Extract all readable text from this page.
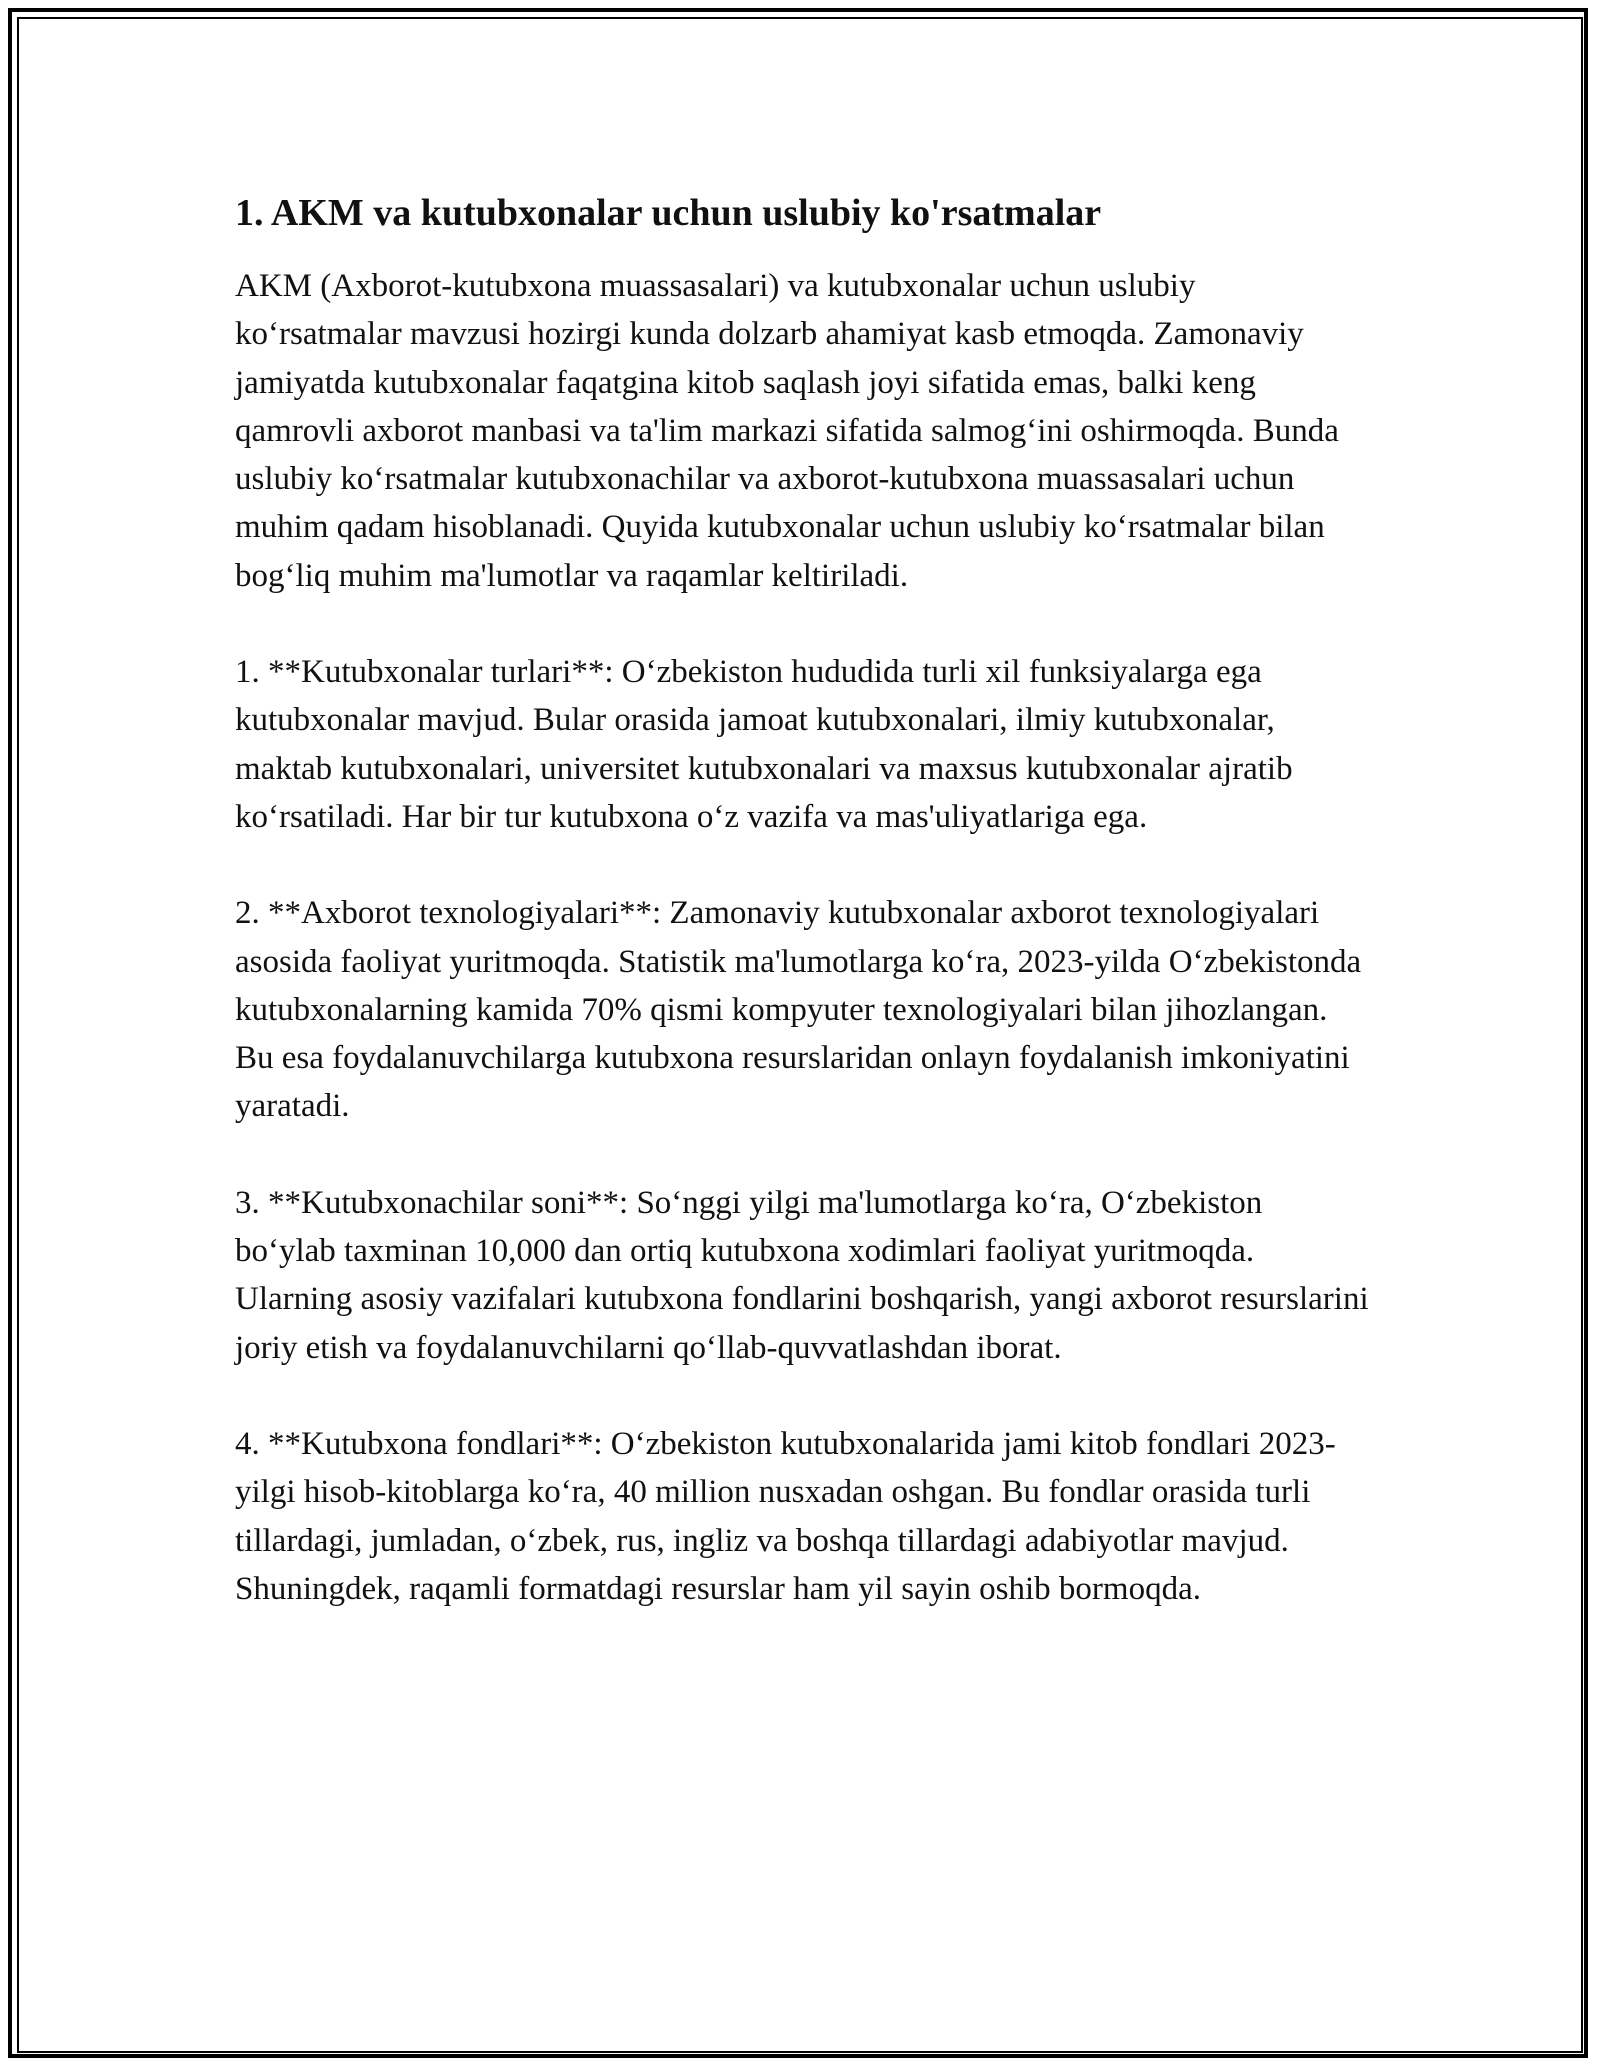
1. AKM va kutubxonalar uchun uslubiy ko'rsatmalar

AKM (Axborot-kutubxona muassasalari) va kutubxonalar uchun uslubiy ko‘rsatmalar mavzusi hozirgi kunda dolzarb ahamiyat kasb etmoqda. Zamonaviy jamiyatda kutubxonalar faqatgina kitob saqlash joyi sifatida emas, balki keng qamrovli axborot manbasi va ta'lim markazi sifatida salmog‘ini oshirmoqda. Bunda uslubiy ko‘rsatmalar kutubxonachilar va axborot-kutubxona muassasalari uchun muhim qadam hisoblanadi. Quyida kutubxonalar uchun uslubiy ko‘rsatmalar bilan bog‘liq muhim ma'lumotlar va raqamlar keltiriladi.

1. **Kutubxonalar turlari**: O‘zbekiston hududida turli xil funksiyalarga ega kutubxonalar mavjud. Bular orasida jamoat kutubxonalari, ilmiy kutubxonalar, maktab kutubxonalari, universitet kutubxonalari va maxsus kutubxonalar ajratib ko‘rsatiladi. Har bir tur kutubxona o‘z vazifa va mas'uliyatlariga ega.

2. **Axborot texnologiyalari**: Zamonaviy kutubxonalar axborot texnologiyalari asosida faoliyat yuritmoqda. Statistik ma'lumotlarga ko‘ra, 2023-yilda O‘zbekistonda kutubxonalarning kamida 70% qismi kompyuter texnologiyalari bilan jihozlangan. Bu esa foydalanuvchilarga kutubxona resurslaridan onlayn foydalanish imkoniyatini yaratadi.

3. **Kutubxonachilar soni**: So‘nggi yilgi ma'lumotlarga ko‘ra, O‘zbekiston bo‘ylab taxminan 10,000 dan ortiq kutubxona xodimlari faoliyat yuritmoqda. Ularning asosiy vazifalari kutubxona fondlarini boshqarish, yangi axborot resurslarini joriy etish va foydalanuvchilarni qo‘llab-quvvatlashdan iborat.

4. **Kutubxona fondlari**: O‘zbekiston kutubxonalarida jami kitob fondlari 2023-yilgi hisob-kitoblarga ko‘ra, 40 million nusxadan oshgan. Bu fondlar orasida turli tillardagi, jumladan, o‘zbek, rus, ingliz va boshqa tillardagi adabiyotlar mavjud. Shuningdek, raqamli formatdagi resurslar ham yil sayin oshib bormoqda.
